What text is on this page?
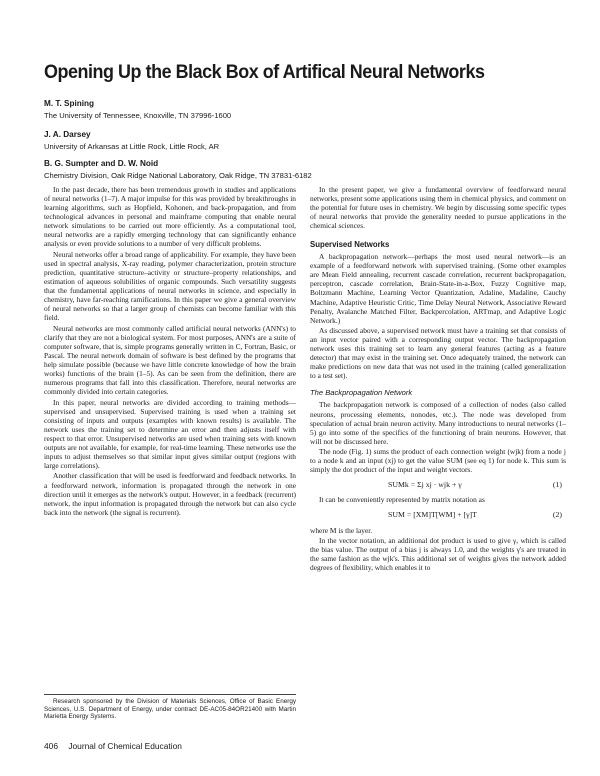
Opening Up the Black Box of Artifical Neural Networks
M. T. Spining
The University of Tennessee, Knoxville, TN 37996-1600
J. A. Darsey
University of Arkansas at Little Rock, Little Rock, AR
B. G. Sumpter and D. W. Noid
Chemistry Division, Oak Ridge National Laboratory, Oak Ridge, TN 37831-6182

In the past decade, there has been tremendous growth in studies and applications of neural networks (1–7). A major impulse for this was provided by breakthroughs in learning algorithms, such as Hopfield, Kohonen, and back-propagation, and from technological advances in personal and mainframe computing that enable neural network simulations to be carried out more efficiently. As a computational tool, neural networks are a rapidly emerging technology that can significantly enhance analysis or even provide solutions to a number of very difficult problems.

Neural networks offer a broad range of applicability. For example, they have been used in spectral analysis, X-ray reading, polymer characterization, protein structure prediction, quantitative structure–activity or structure–property relationships, and estimation of aqueous solubilities of organic compounds. Such versatility suggests that the fundamental applications of neural networks in science, and especially in chemistry, have far-reaching ramifications. In this paper we give a general overview of neural networks so that a larger group of chemists can become familiar with this field.

Neural networks are most commonly called artificial neural networks (ANN's) to clarify that they are not a biological system. For most purposes, ANN's are a suite of computer software, that is, simple programs generally written in C, Fortran, Basic, or Pascal. The neural network domain of software is best defined by the programs that help simulate possible (because we have little concrete knowledge of how the brain works) functions of the brain (1–5). As can be seen from the definition, there are numerous programs that fall into this classification. Therefore, neural networks are commonly divided into certain categories.

In this paper, neural networks are divided according to training methods—supervised and unsupervised. Supervised training is used when a training set consisting of inputs and outputs (examples with known results) is available. The network uses the training set to determine an error and then adjusts itself with respect to that error. Unsupervised networks are used when training sets with known outputs are not available, for example, for real-time learning. These networks use the inputs to adjust themselves so that similar input gives similar output (regions with large correlations).

Another classification that will be used is feedforward and feedback networks. In a feedforward network, information is propagated through the network in one direction until it emerges as the network's output. However, in a feedback (recurrent) network, the input information is propagated through the network but can also cycle back into the network (the signal is recurrent).

Research sponsored by the Division of Materials Sciences, Office of Basic Energy Sciences, U.S. Department of Energy, under contract DE-AC05-84OR21400 with Martin Marietta Energy Systems.
406 Journal of Chemical Education

In the present paper, we give a fundamental overview of feedforward neural networks, present some applications using them in chemical physics, and comment on the potential for future uses in chemistry. We begin by discussing some specific types of neural networks that provide the generality needed to pursue applications in the chemical sciences.

Supervised Networks

A backpropagation network—perhaps the most used neural network—is an example of a feedforward network with supervised training. (Some other examples are Mean Field annealing, recurrent cascade correlation, recurrent backpropagation, perceptron, cascade correlation, Brain-State-in-a-Box, Fuzzy Cognitive map, Boltzmann Machine, Learning Vector Quantization, Adaline, Madaline, Cauchy Machine, Adaptive Heuristic Critic, Time Delay Neural Network, Associative Reward Penalty, Avalanche Matched Filter, Backpercolation, ARTmap, and Adaptive Logic Network.)

As discussed above, a supervised network must have a training set that consists of an input vector paired with a corresponding output vector. The backpropagation network uses this training set to learn any general features (acting as a feature detector) that may exist in the training set. Once adequately trained, the network can make predictions on new data that was not used in the training (called generalization to a test set).

The Backpropagation Network

The backpropagation network is composed of a collection of nodes (also called neurons, processing elements, nonodes, etc.). The node was developed from speculation of actual brain neuron activity. Many introductions to neural networks (1–5) go into some of the specifics of the functioning of brain neurons. However, that will not be discussed here.

The node (Fig. 1) sums the product of each connection weight (wjk) from a node j to a node k and an input (xj) to get the value SUM (see eq 1) for node k. This sum is simply the dot product of the input and weight vectors.

SUMk = Σj xj · wjk + γ	(1)

It can be conveniently represented by matrix notation as

SUM = [XM]T[WM] + [γ]T	(2)

where M is the layer.

In the vector notation, an additional dot product is used to give γ, which is called the bias value. The output of a bias j is always 1.0, and the weights γ's are treated in the same fashion as the wjk's. This additional set of weights gives the network added degrees of flexibility, which enables it to
